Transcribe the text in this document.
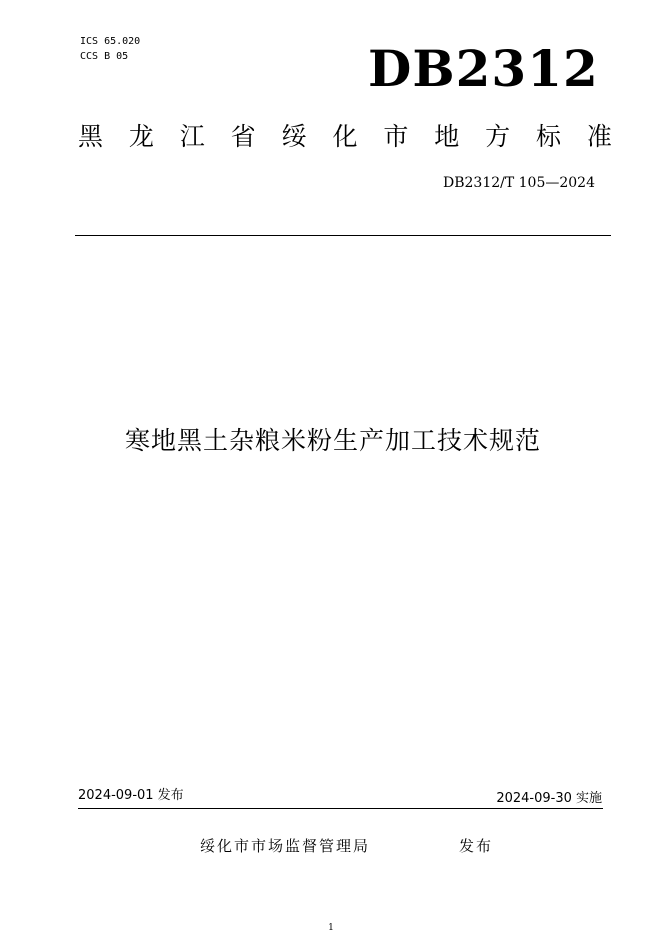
ICS 65.020
CCS B 05	DB2312
黑 龙 江 省 绥 化 市 地 方 标 准
DB2312/T 105—2024
寒地黑土杂粮米粉生产加工技术规范
2024-09-01 发布	2024-09-30 实施
绥化市市场监督管理局	发布
1
